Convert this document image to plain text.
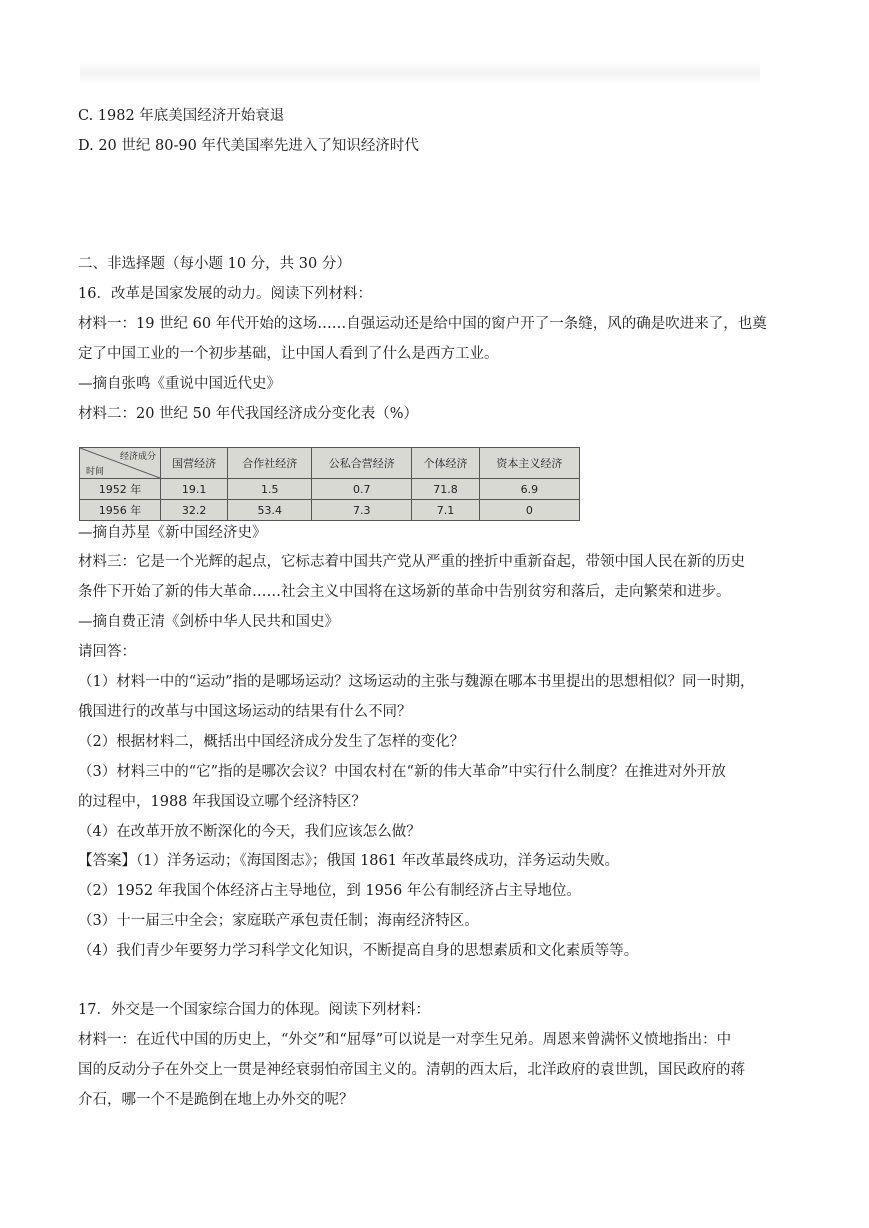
C. 1982 年底美国经济开始衰退
D. 20 世纪 80-90 年代美国率先进入了知识经济时代
二、非选择题（每小题 10 分，共 30 分）
16．改革是国家发展的动力。阅读下列材料：
材料一：19 世纪 60 年代开始的这场……自强运动还是给中国的窗户开了一条缝，风的确是吹进来了，也奠
定了中国工业的一个初步基础，让中国人看到了什么是西方工业。
—摘自张鸣《重说中国近代史》
材料二：20 世纪 50 年代我国经济成分变化表（%）
经济成分
时间	国营经济	合作社经济	公私合营经济	个体经济	资本主义经济
1952 年	19.1	1.5	0.7	71.8	6.9
1956 年	32.2	53.4	7.3	7.1	0
—摘自苏星《新中国经济史》
材料三：它是一个光辉的起点，它标志着中国共产党从严重的挫折中重新奋起，带领中国人民在新的历史
条件下开始了新的伟大革命……社会主义中国将在这场新的革命中告别贫穷和落后，走向繁荣和进步。
—摘自费正清《剑桥中华人民共和国史》
请回答：
（1）材料一中的“运动”指的是哪场运动？这场运动的主张与魏源在哪本书里提出的思想相似？同一时期，
俄国进行的改革与中国这场运动的结果有什么不同？
（2）根据材料二，概括出中国经济成分发生了怎样的变化？
（3）材料三中的“它”指的是哪次会议？中国农村在“新的伟大革命”中实行什么制度？在推进对外开放
的过程中，1988 年我国设立哪个经济特区？
（4）在改革开放不断深化的今天，我们应该怎么做？
【答案】（1）洋务运动；《海国图志》；俄国 1861 年改革最终成功，洋务运动失败。
（2）1952 年我国个体经济占主导地位，到 1956 年公有制经济占主导地位。
（3）十一届三中全会；家庭联产承包责任制；海南经济特区。
（4）我们青少年要努力学习科学文化知识，不断提高自身的思想素质和文化素质等等。
17．外交是一个国家综合国力的体现。阅读下列材料：
材料一：在近代中国的历史上，“外交”和“屈辱”可以说是一对孪生兄弟。周恩来曾满怀义愤地指出：中
国的反动分子在外交上一贯是神经衰弱怕帝国主义的。清朝的西太后，北洋政府的袁世凯，国民政府的蒋
介石，哪一个不是跪倒在地上办外交的呢？
